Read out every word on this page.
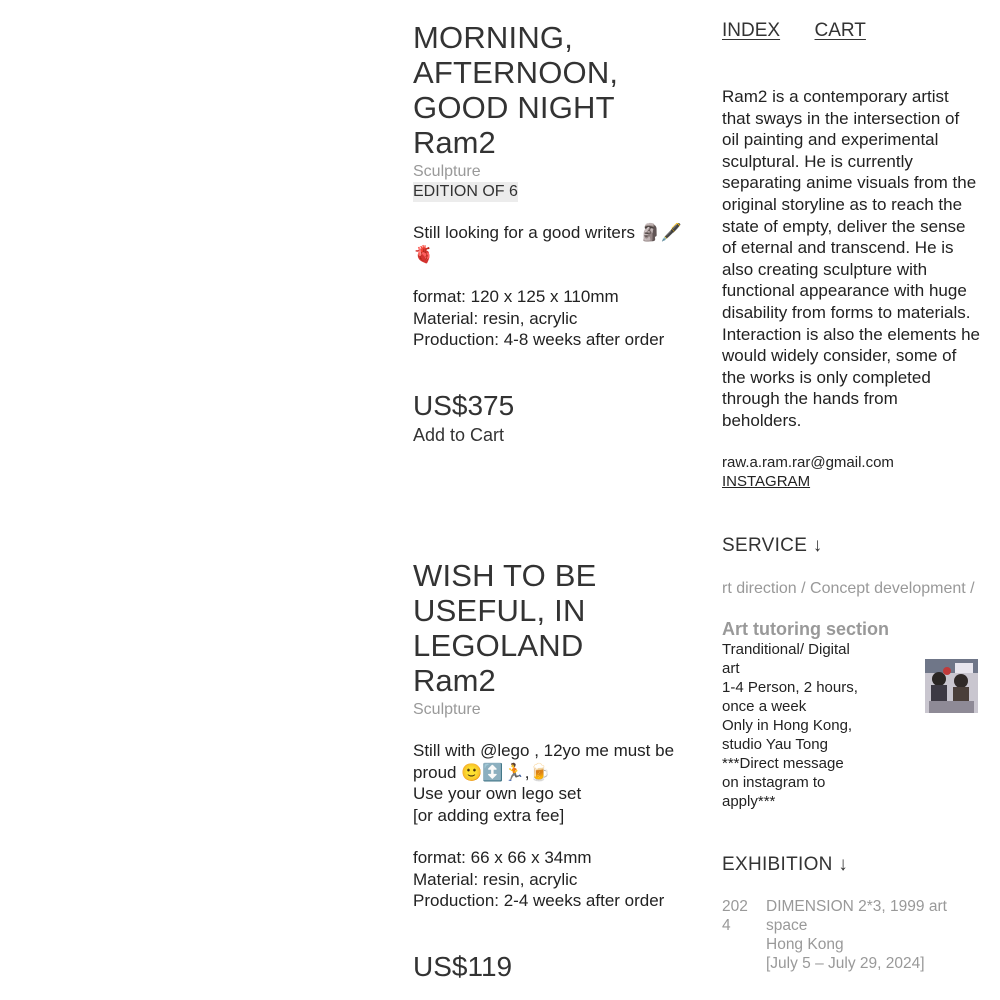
MORNING,
AFTERNOON,
GOOD NIGHT
Ram2
Sculpture
EDITION OF 6
Still looking for a good writers 🗿🖋️🫀
format: 120 x 125 x 110mm
Material: resin, acrylic
Production: 4-8 weeks after order
US$375
Add to Cart
WISH TO BE
USEFUL, IN
LEGOLAND
Ram2
Sculpture
Still with @lego , 12yo me must be proud 🙂↕️🏃,🍺
Use your own lego set
[or adding extra fee]
format: 66 x 66 x 34mm
Material: resin, acrylic
Production: 2-4 weeks after order
US$119
INDEX CART
Ram2 is a contemporary artist that sways in the intersection of oil painting and experimental sculptural. He is currently separating anime visuals from the original storyline as to reach the state of empty, deliver the sense of eternal and transcend. He is also creating sculpture with functional appearance with huge disability from forms to materials. Interaction is also the elements he would widely consider, some of the works is only completed through the hands from beholders.
raw.a.ram.rar@gmail.com
INSTAGRAM
SERVICE ↓
rt direction / Concept development /
Art tutoring section
Tranditional/ Digital art
1-4 Person, 2 hours, once a week
Only in Hong Kong, studio Yau Tong
***Direct message on instagram to apply***
EXHIBITION ↓
2024
DIMENSION 2*3, 1999 art space
Hong Kong
[July 5 – July 29, 2024]
